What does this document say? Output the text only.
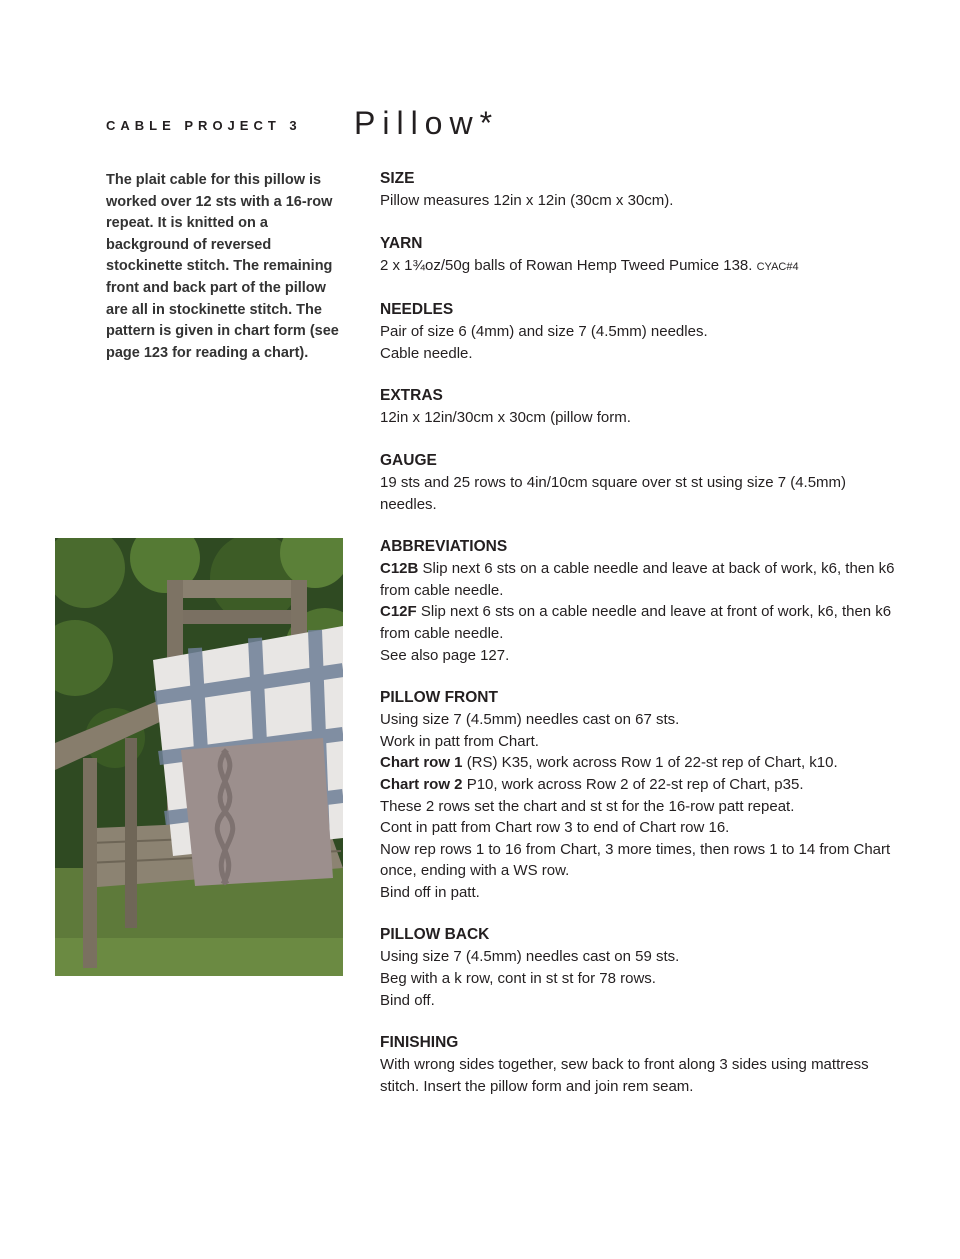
CABLE PROJECT 3 Pillow*
The plait cable for this pillow is worked over 12 sts with a 16-row repeat. It is knitted on a background of reversed stockinette stitch. The remaining front and back part of the pillow are all in stockinette stitch. The pattern is given in chart form (see page 123 for reading a chart).
SIZE

Pillow measures 12in x 12in (30cm x 30cm).

YARN

2 x 1¾oz/50g balls of Rowan Hemp Tweed Pumice 138. CYAC#4

NEEDLES

Pair of size 6 (4mm) and size 7 (4.5mm) needles.

Cable needle.

EXTRAS

12in x 12in/30cm x 30cm (pillow form.

GAUGE

19 sts and 25 rows to 4in/10cm square over st st using size 7 (4.5mm) needles.

ABBREVIATIONS

C12B Slip next 6 sts on a cable needle and leave at back of work, k6, then k6 from cable needle.

C12F Slip next 6 sts on a cable needle and leave at front of work, k6, then k6 from cable needle.

See also page 127.

PILLOW FRONT

Using size 7 (4.5mm) needles cast on 67 sts.

Work in patt from Chart.

Chart row 1 (RS) K35, work across Row 1 of 22-st rep of Chart, k10.

Chart row 2 P10, work across Row 2 of 22-st rep of Chart, p35.

These 2 rows set the chart and st st for the 16-row patt repeat.

Cont in patt from Chart row 3 to end of Chart row 16.

Now rep rows 1 to 16 from Chart, 3 more times, then rows 1 to 14 from Chart once, ending with a WS row.

Bind off in patt.

PILLOW BACK

Using size 7 (4.5mm) needles cast on 59 sts.

Beg with a k row, cont in st st for 78 rows.

Bind off.

FINISHING

With wrong sides together, sew back to front along 3 sides using mattress stitch. Insert the pillow form and join rem seam.
